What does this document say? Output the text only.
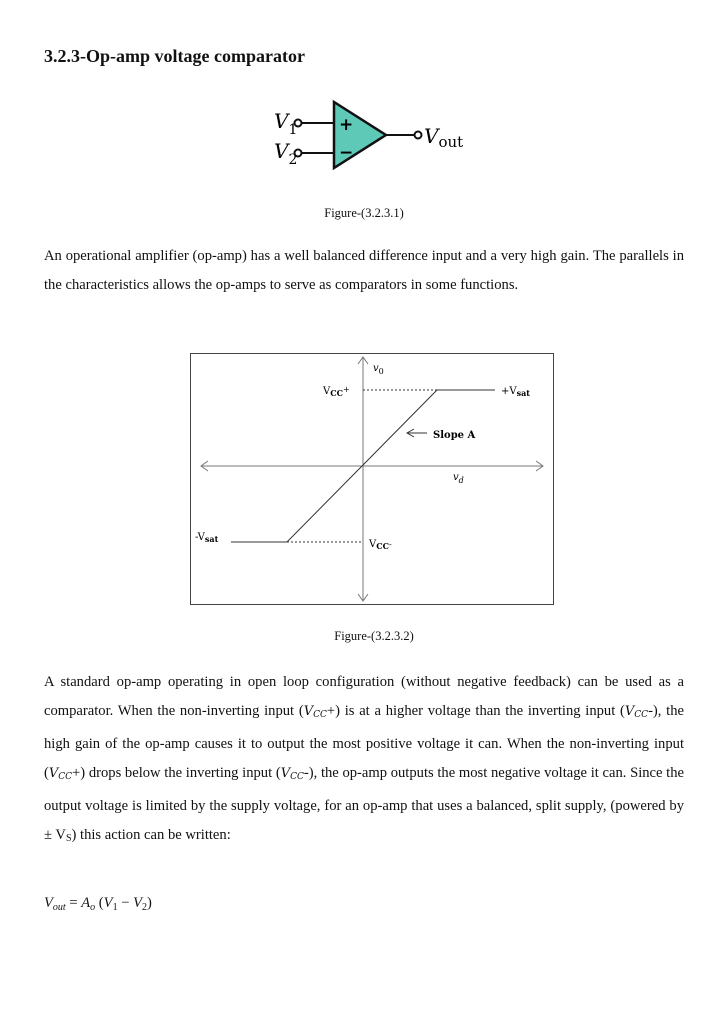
3.2.3-Op-amp voltage comparator
+
−
$V_1$
$V_2$
$V_{out}$
Figure-(3.2.3.1)

An operational amplifier (op-amp) has a well balanced difference input and a very high gain. The parallels in the characteristics allows the op-amps to serve as comparators in some functions.

$v_0$
$v_d$
$V_{CC}^+$	$+V_{sat}$
Slope A
$-V_{sat}$	$V_{CC}^-$
Figure-(3.2.3.2)

A standard op-amp operating in open loop configuration (without negative feedback) can be used as a comparator. When the non-inverting input $(V_{CC}+)$ is at a higher voltage than the inverting input $(V_{CC}-)$, the high gain of the op-amp causes it to output the most positive voltage it can. When the non-inverting input $(V_{CC}+)$ drops below the inverting input $(V_{CC}-)$, the op-amp outputs the most negative voltage it can. Since the output voltage is limited by the supply voltage, for an op-amp that uses a balanced, split supply, (powered by ± VS) this action can be written:

$V_{out} = A_o$ $(V_1 - V_2)$
